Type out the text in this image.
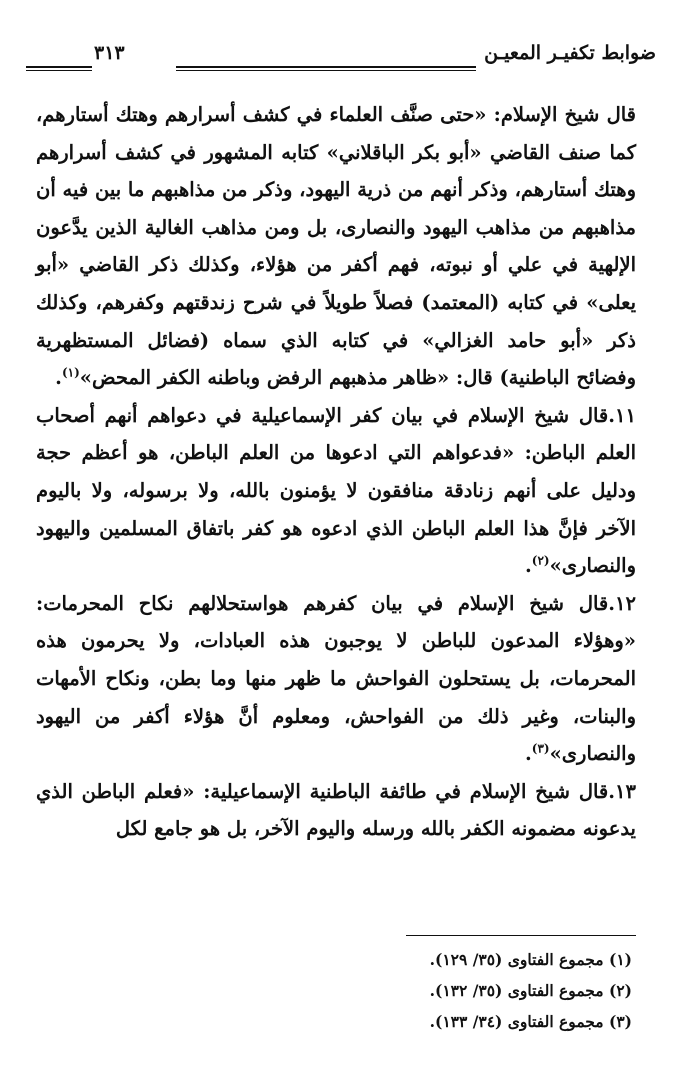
ضوابط تكفيـر المعيـن
٣١٣

قال شيخ الإسلام: «حتى صنَّف العلماء في كشف أسرارهم وهتك أستارهم، كما صنف القاضي «أبو بكر الباقلاني» كتابه المشهور في كشف أسرارهم وهتك أستارهم، وذكر أنهم من ذرية اليهود، وذكر من مذاهبهم ما بين فيه أن مذاهبهم من مذاهب اليهود والنصارى، بل ومن مذاهب الغالية الذين يدَّعون الإلهية في علي أو نبوته، فهم أكفر من هؤلاء، وكذلك ذكر القاضي «أبو يعلى» في كتابه (المعتمد) فصلاً طويلاً في شرح زندقتهم وكفرهم، وكذلك ذكر «أبو حامد الغزالي» في كتابه الذي سماه (فضائل المستظهرية وفضائح الباطنية) قال: «ظاهر مذهبهم الرفض وباطنه الكفر المحض»$^{(١)}$.

١١.قال شيخ الإسلام في بيان كفر الإسماعيلية في دعواهم أنهم أصحاب العلم الباطن: «فدعواهم التي ادعوها من العلم الباطن، هو أعظم حجة ودليل على أنهم زنادقة منافقون لا يؤمنون بالله، ولا برسوله، ولا باليوم الآخر فإنَّ هذا العلم الباطن الذي ادعوه هو كفر باتفاق المسلمين واليهود والنصارى»$^{(٢)}$.

١٢.قال شيخ الإسلام في بيان كفرهم هواستحلالهم نكاح المحرمات: «وهؤلاء المدعون للباطن لا يوجبون هذه العبادات، ولا يحرمون هذه المحرمات، بل يستحلون الفواحش ما ظهر منها وما بطن، ونكاح الأمهات والبنات، وغير ذلك من الفواحش، ومعلوم أنَّ هؤلاء أكفر من اليهود والنصارى»$^{(٣)}$.

١٣.قال شيخ الإسلام في طائفة الباطنية الإسماعيلية: «فعلم الباطن الذي يدعونه مضمونه الكفر بالله ورسله واليوم الآخر، بل هو جامع لكل

(١) مجموع الفتاوى (٣٥/ ١٢٩).
(٢) مجموع الفتاوى (٣٥/ ١٣٢).
(٣) مجموع الفتاوى (٣٤/ ١٣٣).
